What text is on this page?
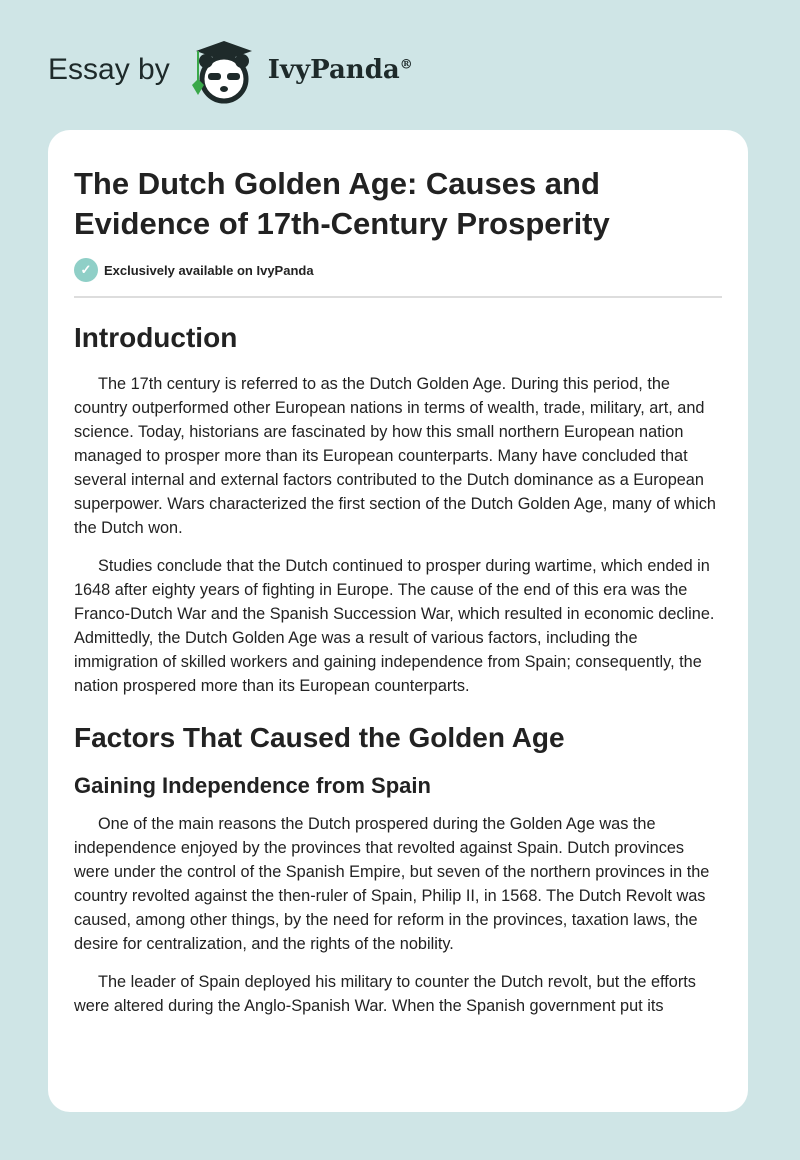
Essay by	IvyPanda®
The Dutch Golden Age: Causes and Evidence of 17th-Century Prosperity
✓ Exclusively available on IvyPanda
Introduction

The 17th century is referred to as the Dutch Golden Age. During this period, the country outperformed other European nations in terms of wealth, trade, military, art, and science. Today, historians are fascinated by how this small northern European nation managed to prosper more than its European counterparts. Many have concluded that several internal and external factors contributed to the Dutch dominance as a European superpower. Wars characterized the first section of the Dutch Golden Age, many of which the Dutch won.

Studies conclude that the Dutch continued to prosper during wartime, which ended in 1648 after eighty years of fighting in Europe. The cause of the end of this era was the Franco-Dutch War and the Spanish Succession War, which resulted in economic decline. Admittedly, the Dutch Golden Age was a result of various factors, including the immigration of skilled workers and gaining independence from Spain; consequently, the nation prospered more than its European counterparts.

Factors That Caused the Golden Age
Gaining Independence from Spain

One of the main reasons the Dutch prospered during the Golden Age was the independence enjoyed by the provinces that revolted against Spain. Dutch provinces were under the control of the Spanish Empire, but seven of the northern provinces in the country revolted against the then-ruler of Spain, Philip II, in 1568. The Dutch Revolt was caused, among other things, by the need for reform in the provinces, taxation laws, the desire for centralization, and the rights of the nobility.

The leader of Spain deployed his military to counter the Dutch revolt, but the efforts were altered during the Anglo-Spanish War. When the Spanish government put its
